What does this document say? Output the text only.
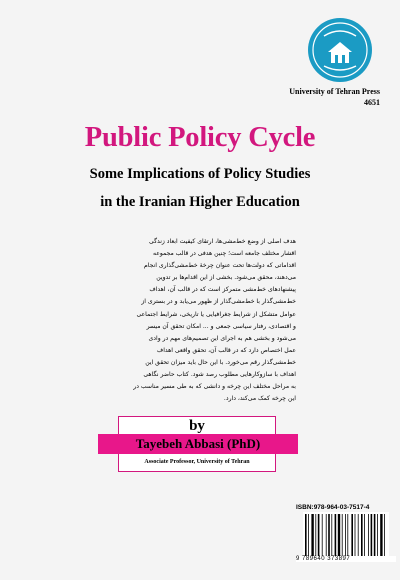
University of Tehran Press
4651
Public Policy Cycle
Some Implications of Policy Studies
in the Iranian Higher Education
هدف اصلی از وضع خط‌مشی‌ها، ارتقای کیفیت ابعاد زندگی
اقشار مختلف جامعه است؛ چنین هدفی در قالب مجموعه
اقداماتی که دولت‌ها تحت عنوان چرخهٔ خط‌مشی‌گذاری انجام
می‌دهند، محقق می‌شود. بخشی از این اقدام‌ها بر تدوین
پیشنهادهای خط‌مشی متمرکز است که در قالب آن، اهداف
خط‌مشی‌گذار با خط‌مشی‌گذار از ظهور می‌یابد و در بستری از
عوامل متشکل از شرایط جغرافیایی یا تاریخی، شرایط اجتماعی
و اقتصادی، رفتار سیاسی جمعی و ... امکان تحقق آن میسر
می‌شود و بخشی هم به اجرای این تصمیم‌های مهم در وادی
عمل اختصاص دارد که در قالب آن، تحقق واقعی اهداف
خط‌مشی‌گذار رقم می‌خورد. با این حال باید میزان تحقق این
اهداف با سازوکارهایی مطلوب رصد شود. کتاب حاضر نگاهی
به مراحل مختلف این چرخه و دانشی که به طی مسیر مناسب در
این چرخه کمک می‌کند، دارد.
by
Tayebeh Abbasi (PhD)
Associate Professor, University of Tehran
ISBN:978-964-03-7517-4
9 789640 373897
